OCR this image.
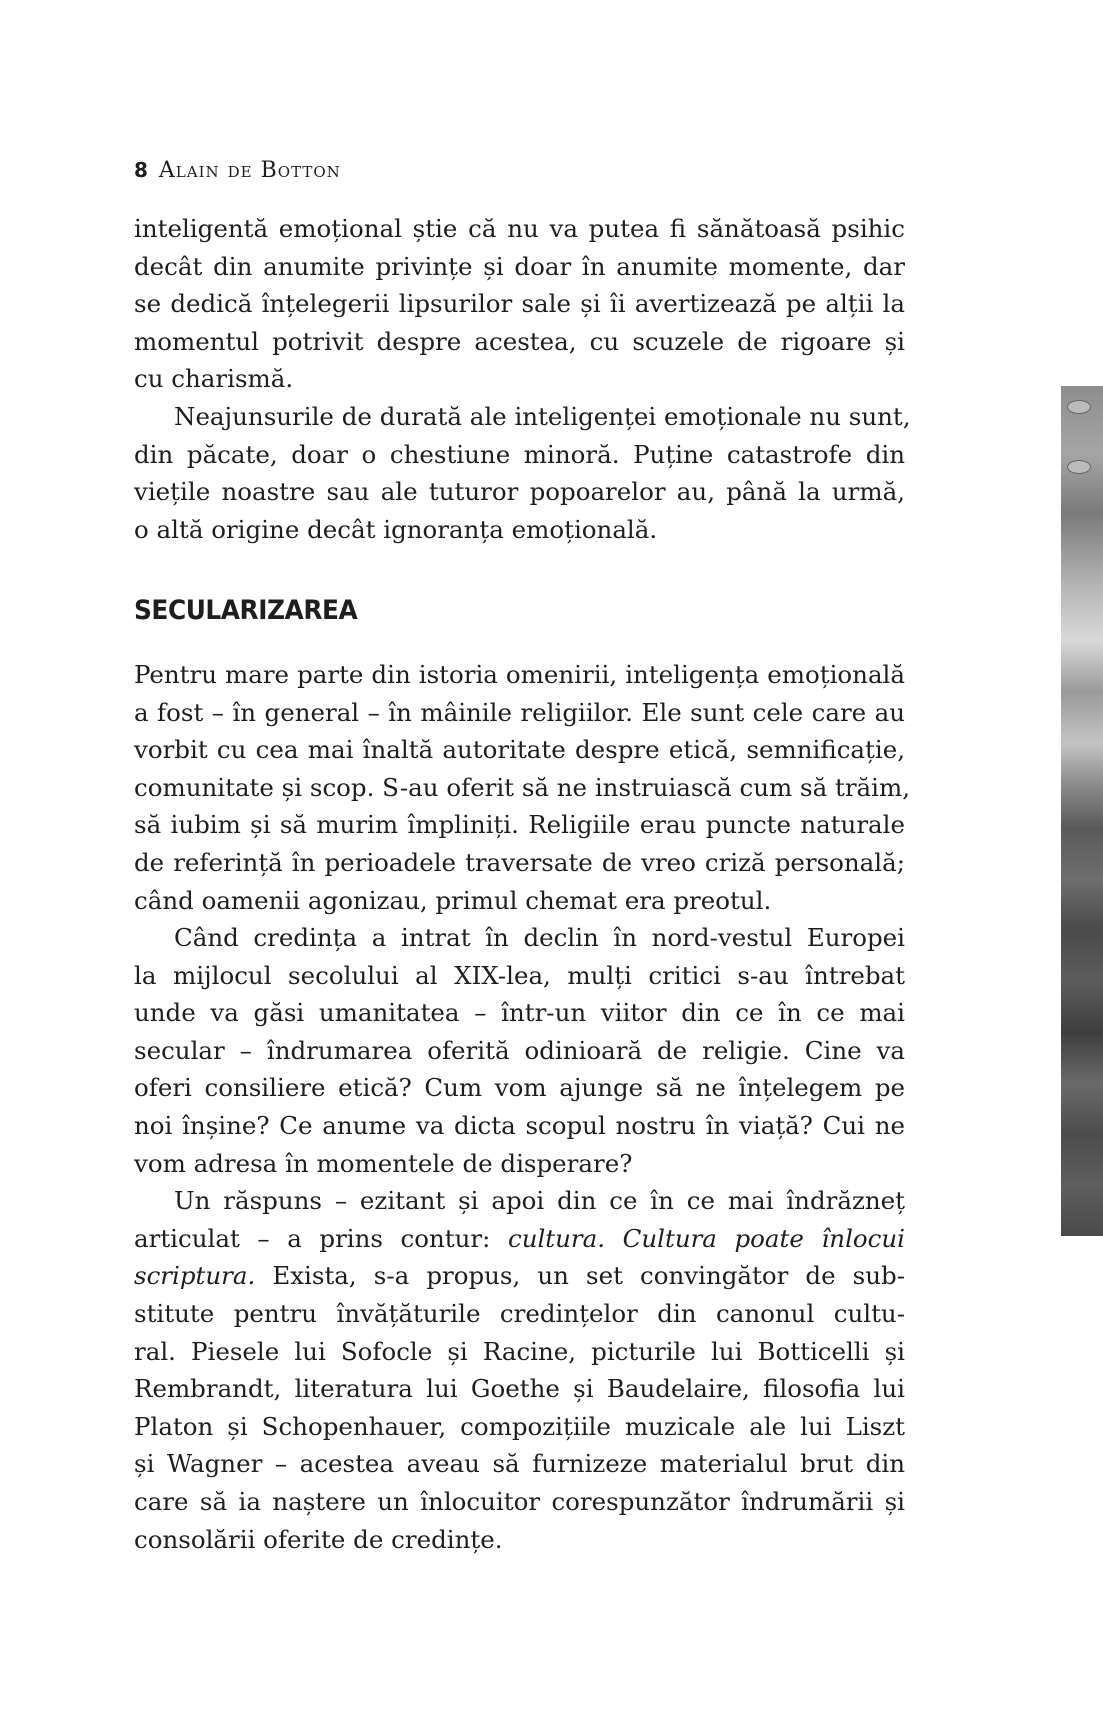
8 Alain de Botton
inteligentă emoțional știe că nu va putea fi sănătoasă psihic
decât din anumite privințe și doar în anumite momente, dar
se dedică înțelegerii lipsurilor sale și îi avertizează pe alții la
momentul potrivit despre acestea, cu scuzele de rigoare și
cu charismă.
Neajunsurile de durată ale inteligenței emoționale nu sunt,
din păcate, doar o chestiune minoră. Puține catastrofe din
viețile noastre sau ale tuturor popoarelor au, până la urmă,
o altă origine decât ignoranța emoțională.
SECULARIZAREA
Pentru mare parte din istoria omenirii, inteligența emoțională
a fost – în general – în mâinile religiilor. Ele sunt cele care au
vorbit cu cea mai înaltă autoritate despre etică, semnificație,
comunitate și scop. S-au oferit să ne instruiască cum să trăim,
să iubim și să murim împliniți. Religiile erau puncte naturale
de referință în perioadele traversate de vreo criză personală;
când oamenii agonizau, primul chemat era preotul.
Când credința a intrat în declin în nord-vestul Europei
la mijlocul secolului al XIX-lea, mulți critici s-au întrebat
unde va găsi umanitatea – într-un viitor din ce în ce mai
secular – îndrumarea oferită odinioară de religie. Cine va
oferi consiliere etică? Cum vom ajunge să ne înțelegem pe
noi înșine? Ce anume va dicta scopul nostru în viață? Cui ne
vom adresa în momentele de disperare?
Un răspuns – ezitant și apoi din ce în ce mai îndrăzneț
articulat – a prins contur: cultura. Cultura poate înlocui
scriptura. Exista, s-a propus, un set convingător de sub-
stitute pentru învățăturile credințelor din canonul cultu-
ral. Piesele lui Sofocle și Racine, picturile lui Botticelli și
Rembrandt, literatura lui Goethe și Baudelaire, filosofia lui
Platon și Schopenhauer, compozițiile muzicale ale lui Liszt
și Wagner – acestea aveau să furnizeze materialul brut din
care să ia naștere un înlocuitor corespunzător îndrumării și
consolării oferite de credințe.
